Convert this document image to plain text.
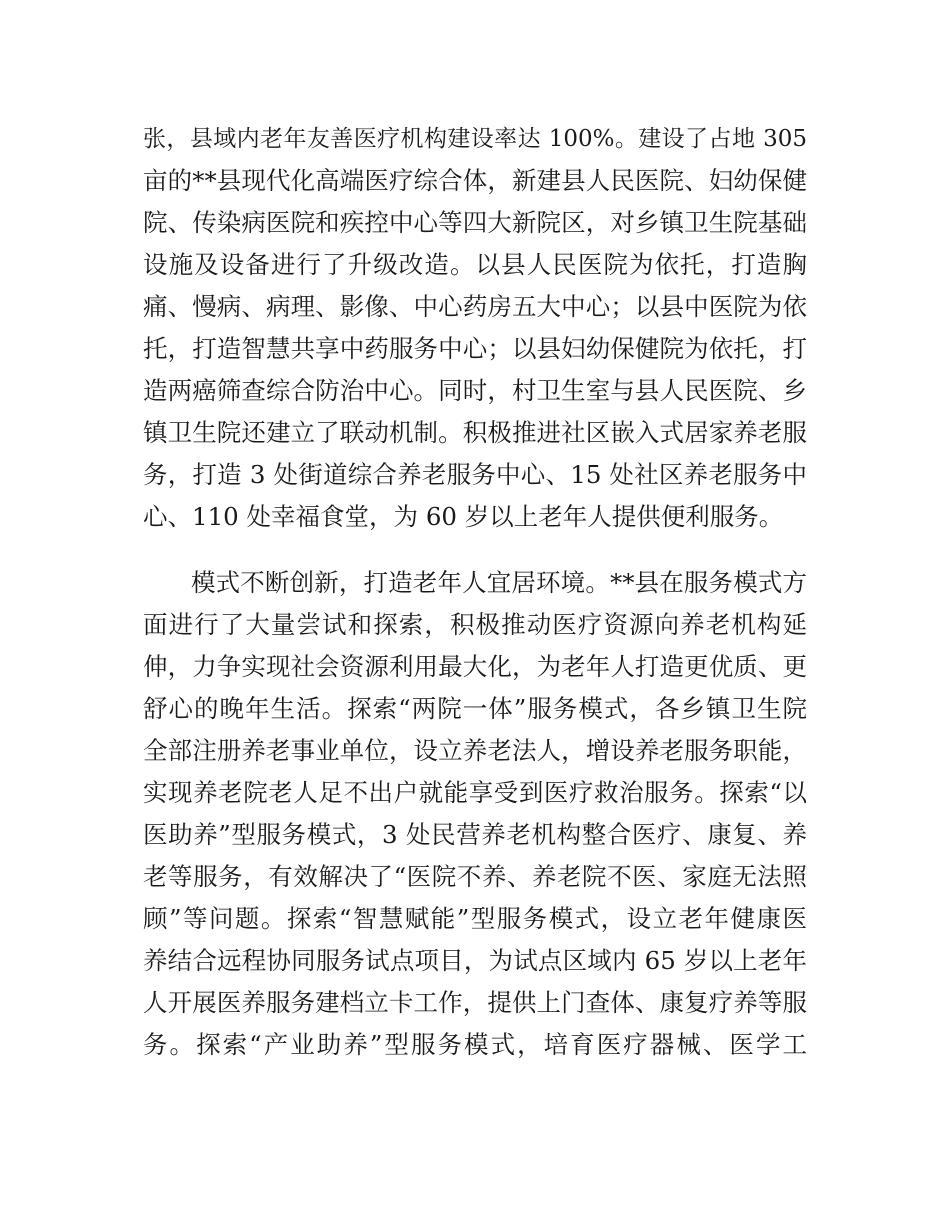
张，县域内老年友善医疗机构建设率达 100%。建设了占地 305
亩的**县现代化高端医疗综合体，新建县人民医院、妇幼保健
院、传染病医院和疾控中心等四大新院区，对乡镇卫生院基础
设施及设备进行了升级改造。以县人民医院为依托，打造胸
痛、慢病、病理、影像、中心药房五大中心；以县中医院为依
托，打造智慧共享中药服务中心；以县妇幼保健院为依托，打
造两癌筛查综合防治中心。同时，村卫生室与县人民医院、乡
镇卫生院还建立了联动机制。积极推进社区嵌入式居家养老服
务，打造 3 处街道综合养老服务中心、15 处社区养老服务中
心、110 处幸福食堂，为 60 岁以上老年人提供便利服务。
模式不断创新，打造老年人宜居环境。**县在服务模式方
面进行了大量尝试和探索，积极推动医疗资源向养老机构延
伸，力争实现社会资源利用最大化，为老年人打造更优质、更
舒心的晚年生活。探索“两院一体”服务模式，各乡镇卫生院
全部注册养老事业单位，设立养老法人，增设养老服务职能，
实现养老院老人足不出户就能享受到医疗救治服务。探索“以
医助养”型服务模式，3 处民营养老机构整合医疗、康复、养
老等服务，有效解决了“医院不养、养老院不医、家庭无法照
顾”等问题。探索“智慧赋能”型服务模式，设立老年健康医
养结合远程协同服务试点项目，为试点区域内 65 岁以上老年
人开展医养服务建档立卡工作，提供上门查体、康复疗养等服
务。探索“产业助养”型服务模式，培育医疗器械、医学工
